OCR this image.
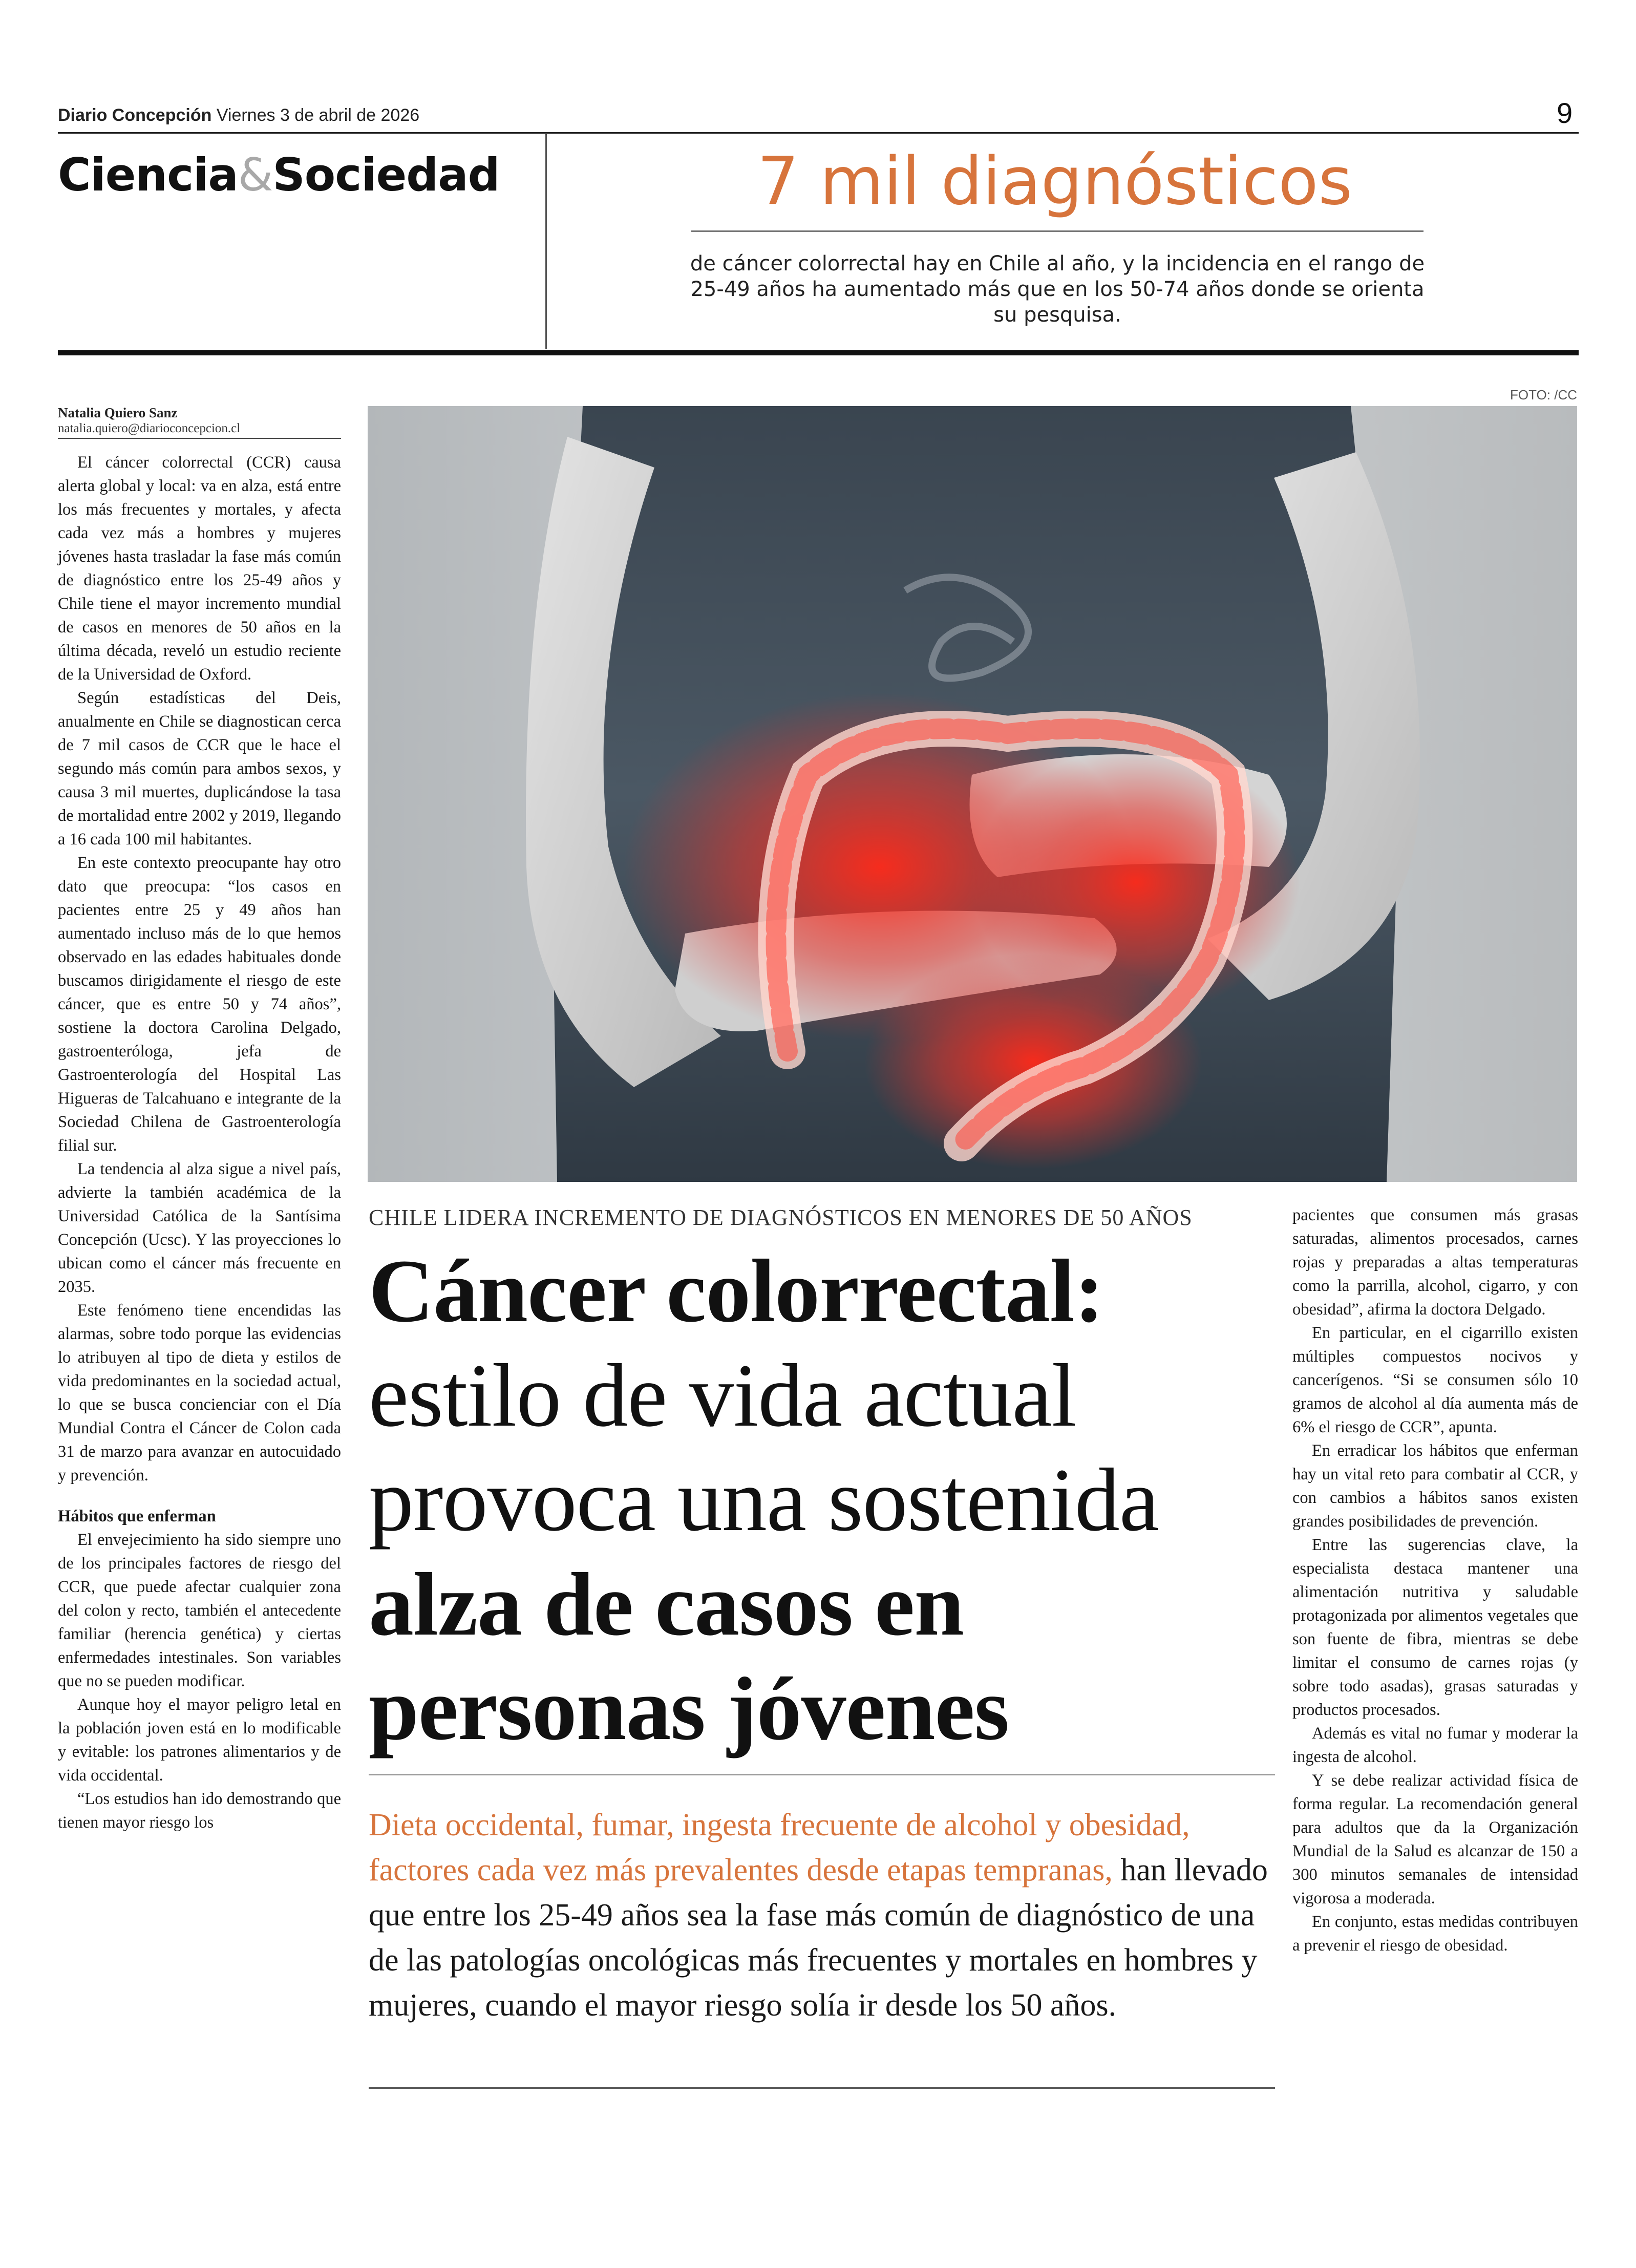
Diario Concepción Viernes 3 de abril de 2026	9
Ciencia&Sociedad	7 mil diagnósticos
de cáncer colorrectal hay en Chile al año, y la incidencia en el rango de 25-49 años ha aumentado más que en los 50-74 años donde se orienta su pesquisa.
Natalia Quiero Sanz
natalia.quiero@diarioconcepcion.cl
FOTO: /CC

El cáncer colorrectal (CCR) causa alerta global y local: va en alza, está entre los más frecuentes y mortales, y afecta cada vez más a hombres y mujeres jóvenes hasta trasladar la fase más común de diagnóstico entre los 25-49 años y Chile tiene el mayor incremento mundial de casos en menores de 50 años en la última década, reveló un estudio reciente de la Universidad de Oxford.

Según estadísticas del Deis, anualmente en Chile se diagnostican cerca de 7 mil casos de CCR que le hace el segundo más común para ambos sexos, y causa 3 mil muertes, duplicándose la tasa de mortalidad entre 2002 y 2019, llegando a 16 cada 100 mil habitantes.

En este contexto preocupante hay otro dato que preocupa: “los casos en pacientes entre 25 y 49 años han aumentado incluso más de lo que hemos observado en las edades habituales donde buscamos dirigidamente el riesgo de este cáncer, que es entre 50 y 74 años”, sostiene la doctora Carolina Delgado, gastroenteróloga, jefa de Gastroenterología del Hospital Las Higueras de Talcahuano e integrante de la Sociedad Chilena de Gastroenterología filial sur.

La tendencia al alza sigue a nivel país, advierte la también académica de la Universidad Católica de la Santísima Concepción (Ucsc). Y las proyecciones lo ubican como el cáncer más frecuente en 2035.

Este fenómeno tiene encendidas las alarmas, sobre todo porque las evidencias lo atribuyen al tipo de dieta y estilos de vida predominantes en la sociedad actual, lo que se busca concienciar con el Día Mundial Contra el Cáncer de Colon cada 31 de marzo para avanzar en autocuidado y prevención.

Hábitos que enferman

El envejecimiento ha sido siempre uno de los principales factores de riesgo del CCR, que puede afectar cualquier zona del colon y recto, también el antecedente familiar (herencia genética) y ciertas enfermedades intestinales. Son variables que no se pueden modificar.

Aunque hoy el mayor peligro letal en la población joven está en lo modificable y evitable: los patrones alimentarios y de vida occidental.

“Los estudios han ido demostrando que tienen mayor riesgo los

CHILE LIDERA INCREMENTO DE DIAGNÓSTICOS EN MENORES DE 50 AÑOS
Cáncer colorrectal:
estilo de vida actual
provoca una sostenida
alza de casos en
personas jóvenes
Dieta occidental, fumar, ingesta frecuente de alcohol y obesidad, factores cada vez más prevalentes desde etapas tempranas, han llevado que entre los 25-49 años sea la fase más común de diagnóstico de una de las patologías oncológicas más frecuentes y mortales en hombres y mujeres, cuando el mayor riesgo solía ir desde los 50 años.

pacientes que consumen más grasas saturadas, alimentos procesados, carnes rojas y preparadas a altas temperaturas como la parrilla, alcohol, cigarro, y con obesidad”, afirma la doctora Delgado.

En particular, en el cigarrillo existen múltiples compuestos nocivos y cancerígenos. “Si se consumen sólo 10 gramos de alcohol al día aumenta más de 6% el riesgo de CCR”, apunta.

En erradicar los hábitos que enferman hay un vital reto para combatir al CCR, y con cambios a hábitos sanos existen grandes posibilidades de prevención.

Entre las sugerencias clave, la especialista destaca mantener una alimentación nutritiva y saludable protagonizada por alimentos vegetales que son fuente de fibra, mientras se debe limitar el consumo de carnes rojas (y sobre todo asadas), grasas saturadas y productos procesados.

Además es vital no fumar y moderar la ingesta de alcohol.

Y se debe realizar actividad física de forma regular. La recomendación general para adultos que da la Organización Mundial de la Salud es alcanzar de 150 a 300 minutos semanales de intensidad vigorosa a moderada.

En conjunto, estas medidas contribuyen a prevenir el riesgo de obesidad.
